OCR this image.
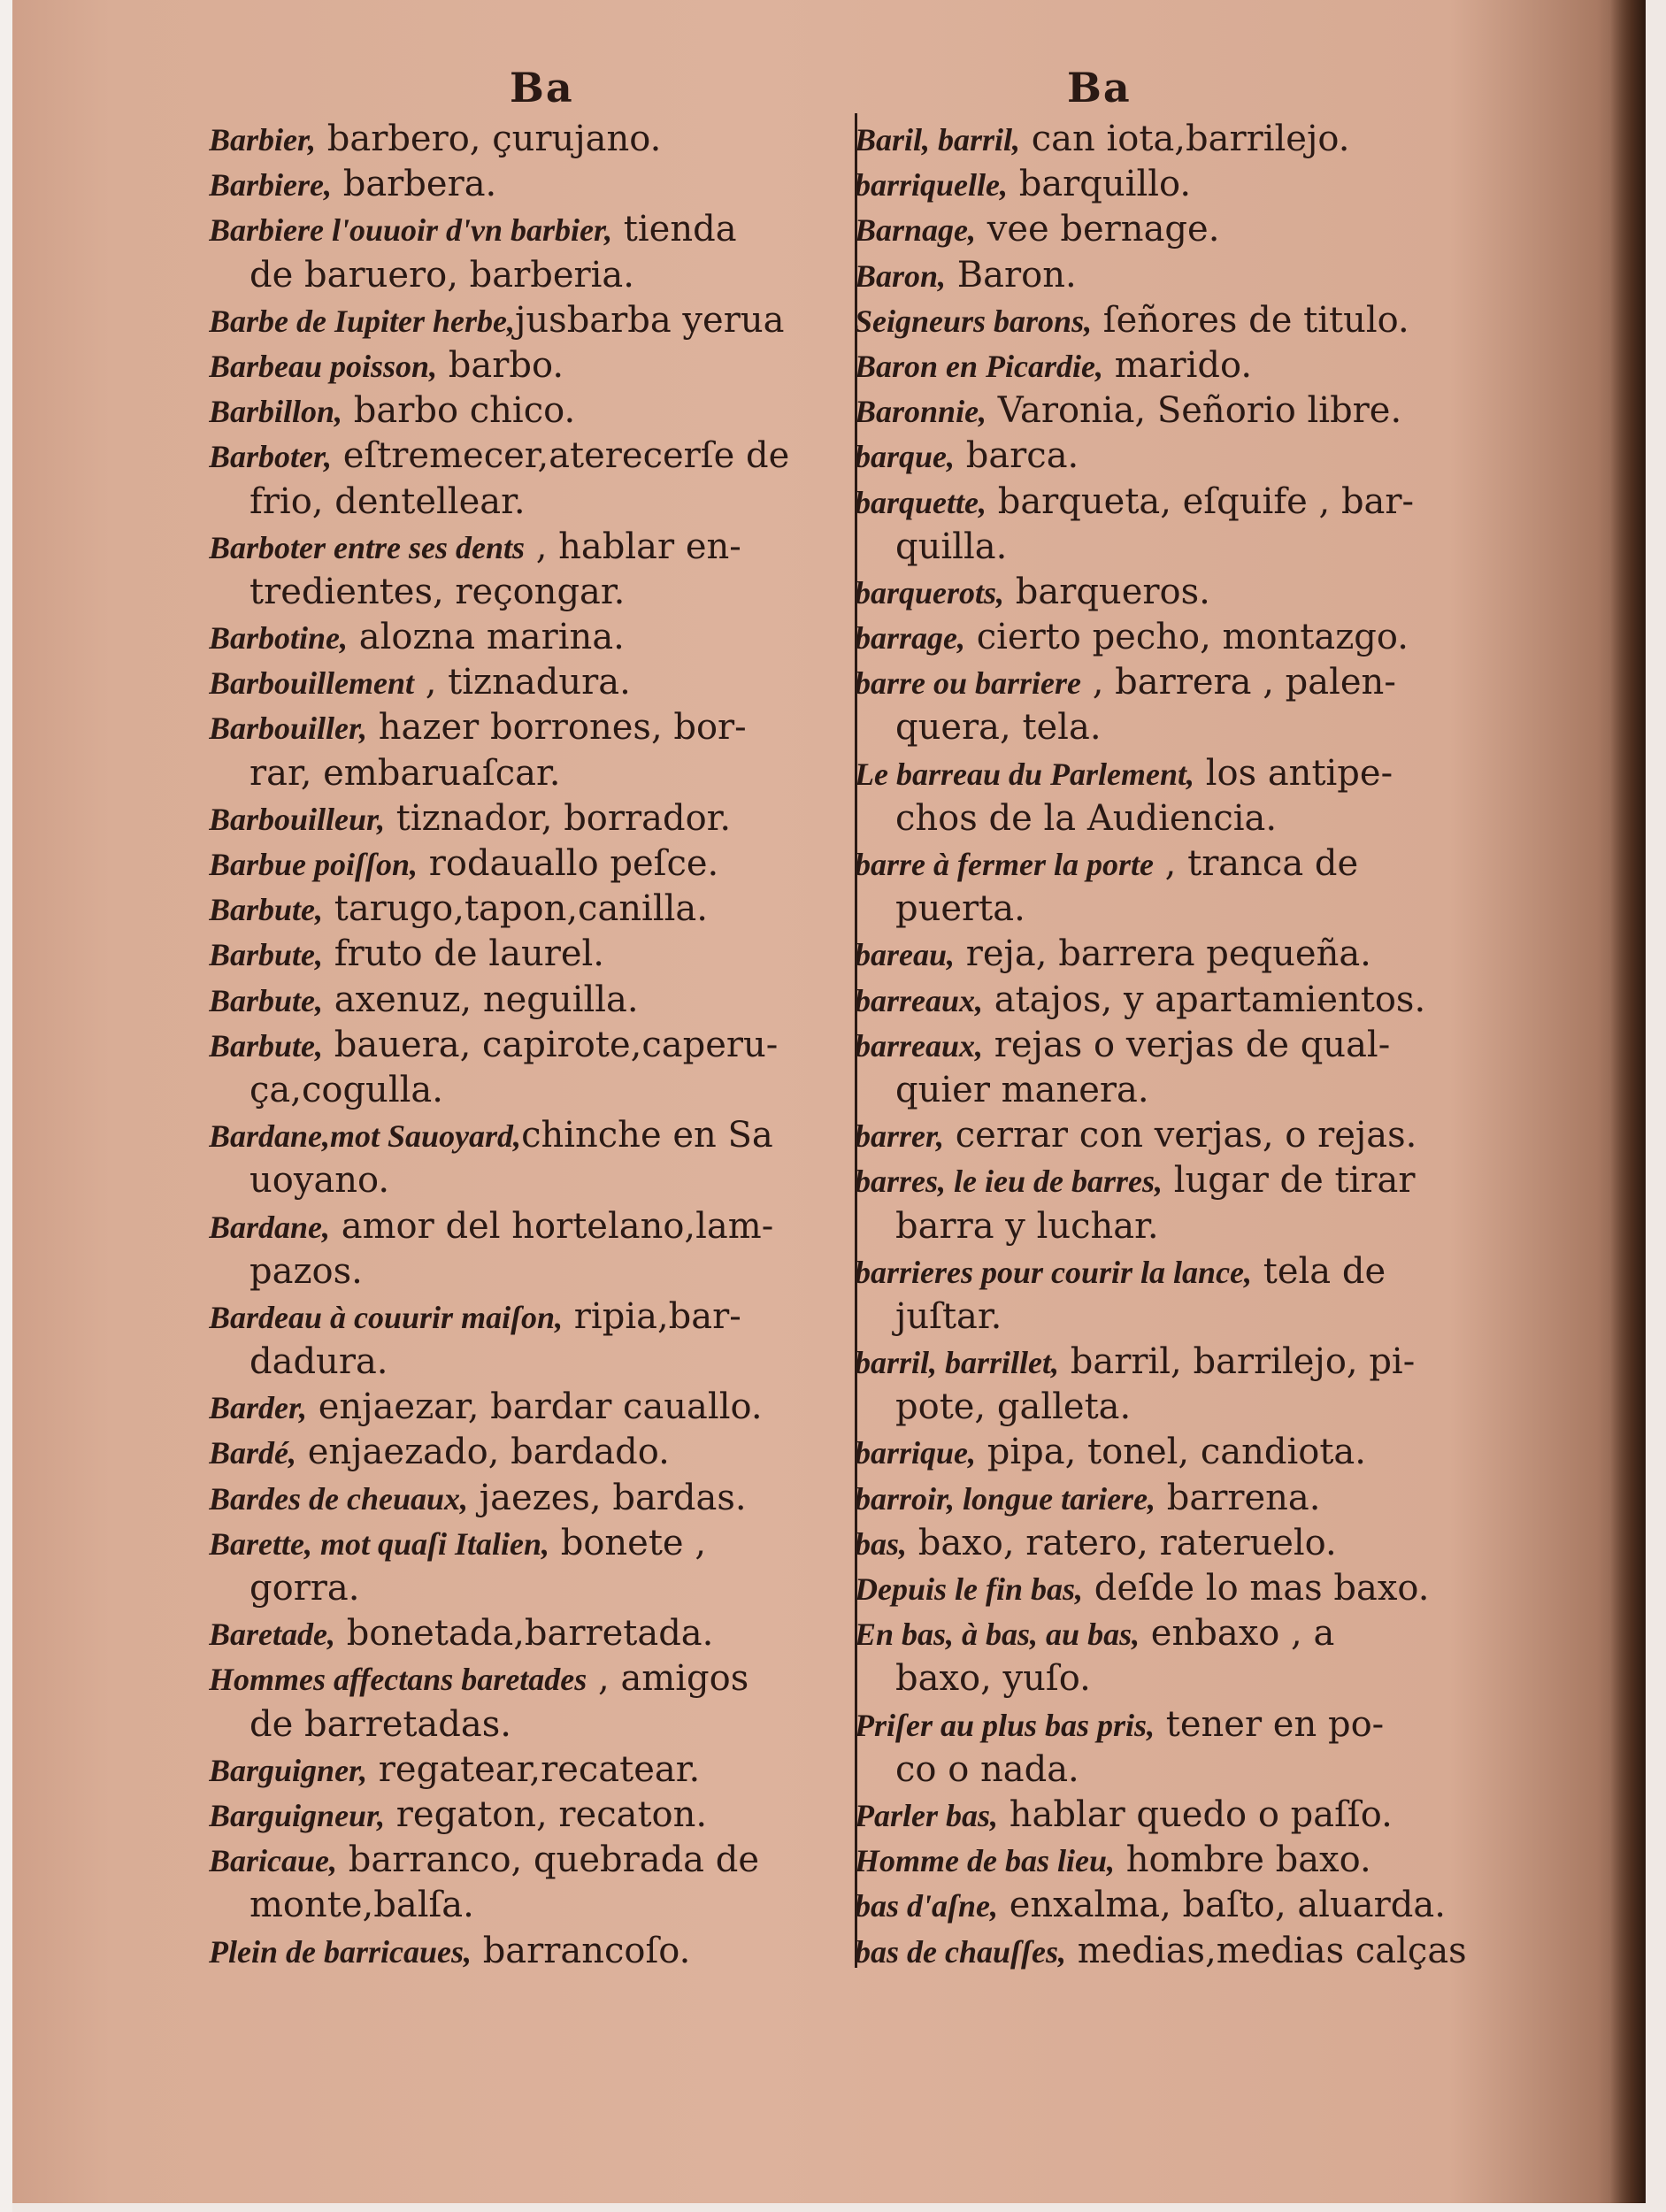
Ba	Ba
Barbier, barbero, çurujano.
Barbiere, barbera.
Barbiere l'ouuoir d'vn barbier, tienda
de baruero, barberia.
Barbe de Iupiter herbe,jusbarba yerua
Barbeau poisson, barbo.
Barbillon, barbo chico.
Barboter, eſtremecer,aterecerſe de
frio, dentellear.
Barboter entre ses dents , hablar en-
tredientes, reçongar.
Barbotine, alozna marina.
Barbouillement , tiznadura.
Barbouiller, hazer borrones, bor-
rar, embaruaſcar.
Barbouilleur, tiznador, borrador.
Barbue poiſſon, rodauallo peſce.
Barbute, tarugo,tapon,canilla.
Barbute, fruto de laurel.
Barbute, axenuz, neguilla.
Barbute, bauera, capirote,caperu-
ça,cogulla.
Bardane,mot Sauoyard,chinche en Sa
uoyano.
Bardane, amor del hortelano,lam-
pazos.
Bardeau à couurir maiſon, ripia,bar-
dadura.
Barder, enjaezar, bardar cauallo.
Bardé, enjaezado, bardado.
Bardes de cheuaux, jaezes, bardas.
Barette, mot quaſi Italien, bonete ,
gorra.
Baretade, bonetada,barretada.
Hommes affectans baretades , amigos
de barretadas.
Barguigner, regatear,recatear.
Barguigneur, regaton, recaton.
Baricaue, barranco, quebrada de
monte,balſa.
Plein de barricaues, barrancoſo.
Baril, barril, can iota,barrilejo.
barriquelle, barquillo.
Barnage, vee bernage.
Baron, Baron.
Seigneurs barons, ſeñores de titulo.
Baron en Picardie, marido.
Baronnie, Varonia, Señorio libre.
barque, barca.
barquette, barqueta, eſquife , bar-
quilla.
barquerots, barqueros.
barrage, cierto pecho, montazgo.
barre ou barriere , barrera , palen-
quera, tela.
Le barreau du Parlement, los antipe-
chos de la Audiencia.
barre à fermer la porte , tranca de
puerta.
bareau, reja, barrera pequeña.
barreaux, atajos, y apartamientos.
barreaux, rejas o verjas de qual-
quier manera.
barrer, cerrar con verjas, o rejas.
barres, le ieu de barres, lugar de tirar
barra y luchar.
barrieres pour courir la lance, tela de
juſtar.
barril, barrillet, barril, barrilejo, pi-
pote, galleta.
barrique, pipa, tonel, candiota.
barroir, longue tariere, barrena.
bas, baxo, ratero, rateruelo.
Depuis le fin bas, deſde lo mas baxo.
En bas, à bas, au bas, enbaxo , a
baxo, yuſo.
Priſer au plus bas pris, tener en po-
co o nada.
Parler bas, hablar quedo o paſſo.
Homme de bas lieu, hombre baxo.
bas d'aſne, enxalma, baſto, aluarda.
bas de chauſſes, medias,medias calças
